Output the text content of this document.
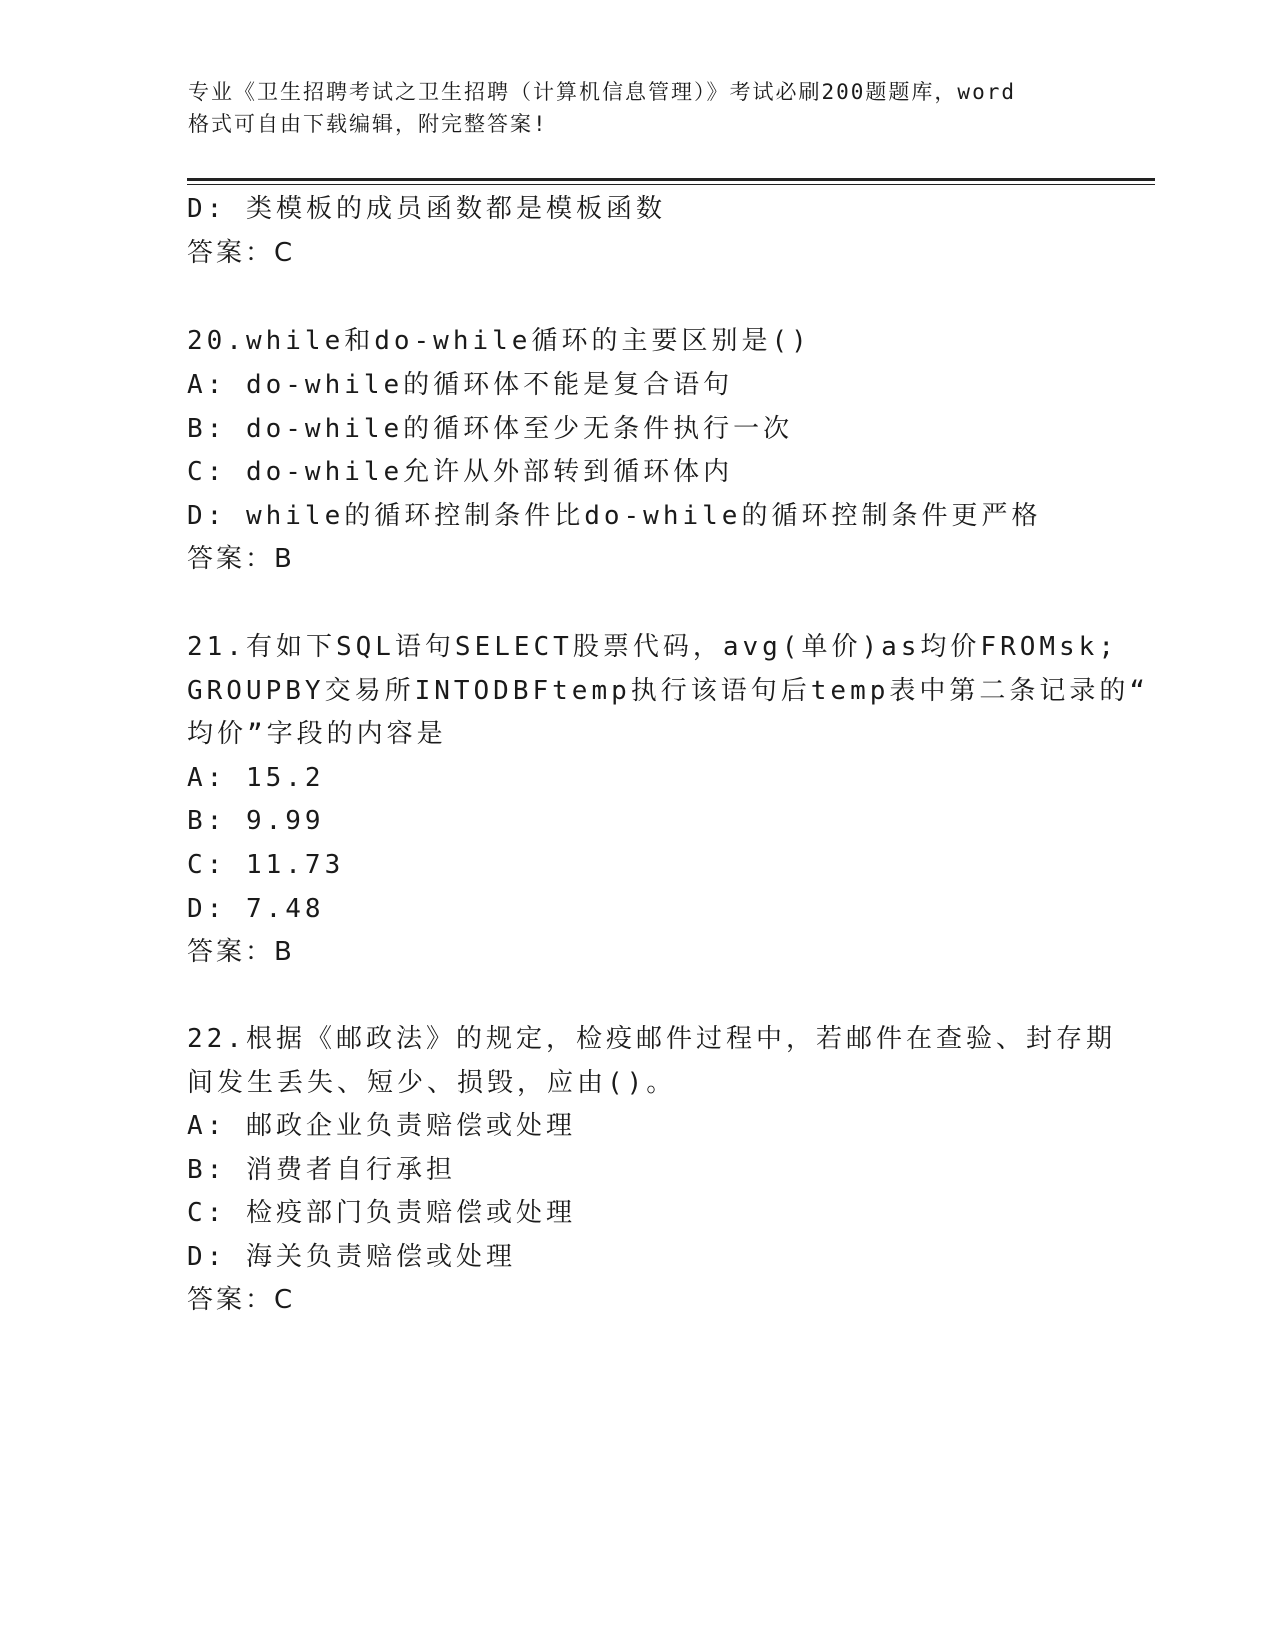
专业《卫生招聘考试之卫生招聘（计算机信息管理）》考试必刷200题题库，word
格式可自由下载编辑，附完整答案!
D: 类模板的成员函数都是模板函数
答案：C
20.while和do-while循环的主要区别是()
A: do-while的循环体不能是复合语句
B: do-while的循环体至少无条件执行一次
C: do-while允许从外部转到循环体内
D: while的循环控制条件比do-while的循环控制条件更严格
答案：B
21.有如下SQL语句SELECT股票代码，avg(单价)as均价FROMsk;
GROUPBY交易所INTODBFtemp执行该语句后temp表中第二条记录的“
均价”字段的内容是
A: 15.2
B: 9.99
C: 11.73
D: 7.48
答案：B
22.根据《邮政法》的规定，检疫邮件过程中，若邮件在查验、封存期
间发生丢失、短少、损毁，应由()。
A: 邮政企业负责赔偿或处理
B: 消费者自行承担
C: 检疫部门负责赔偿或处理
D: 海关负责赔偿或处理
答案：C
